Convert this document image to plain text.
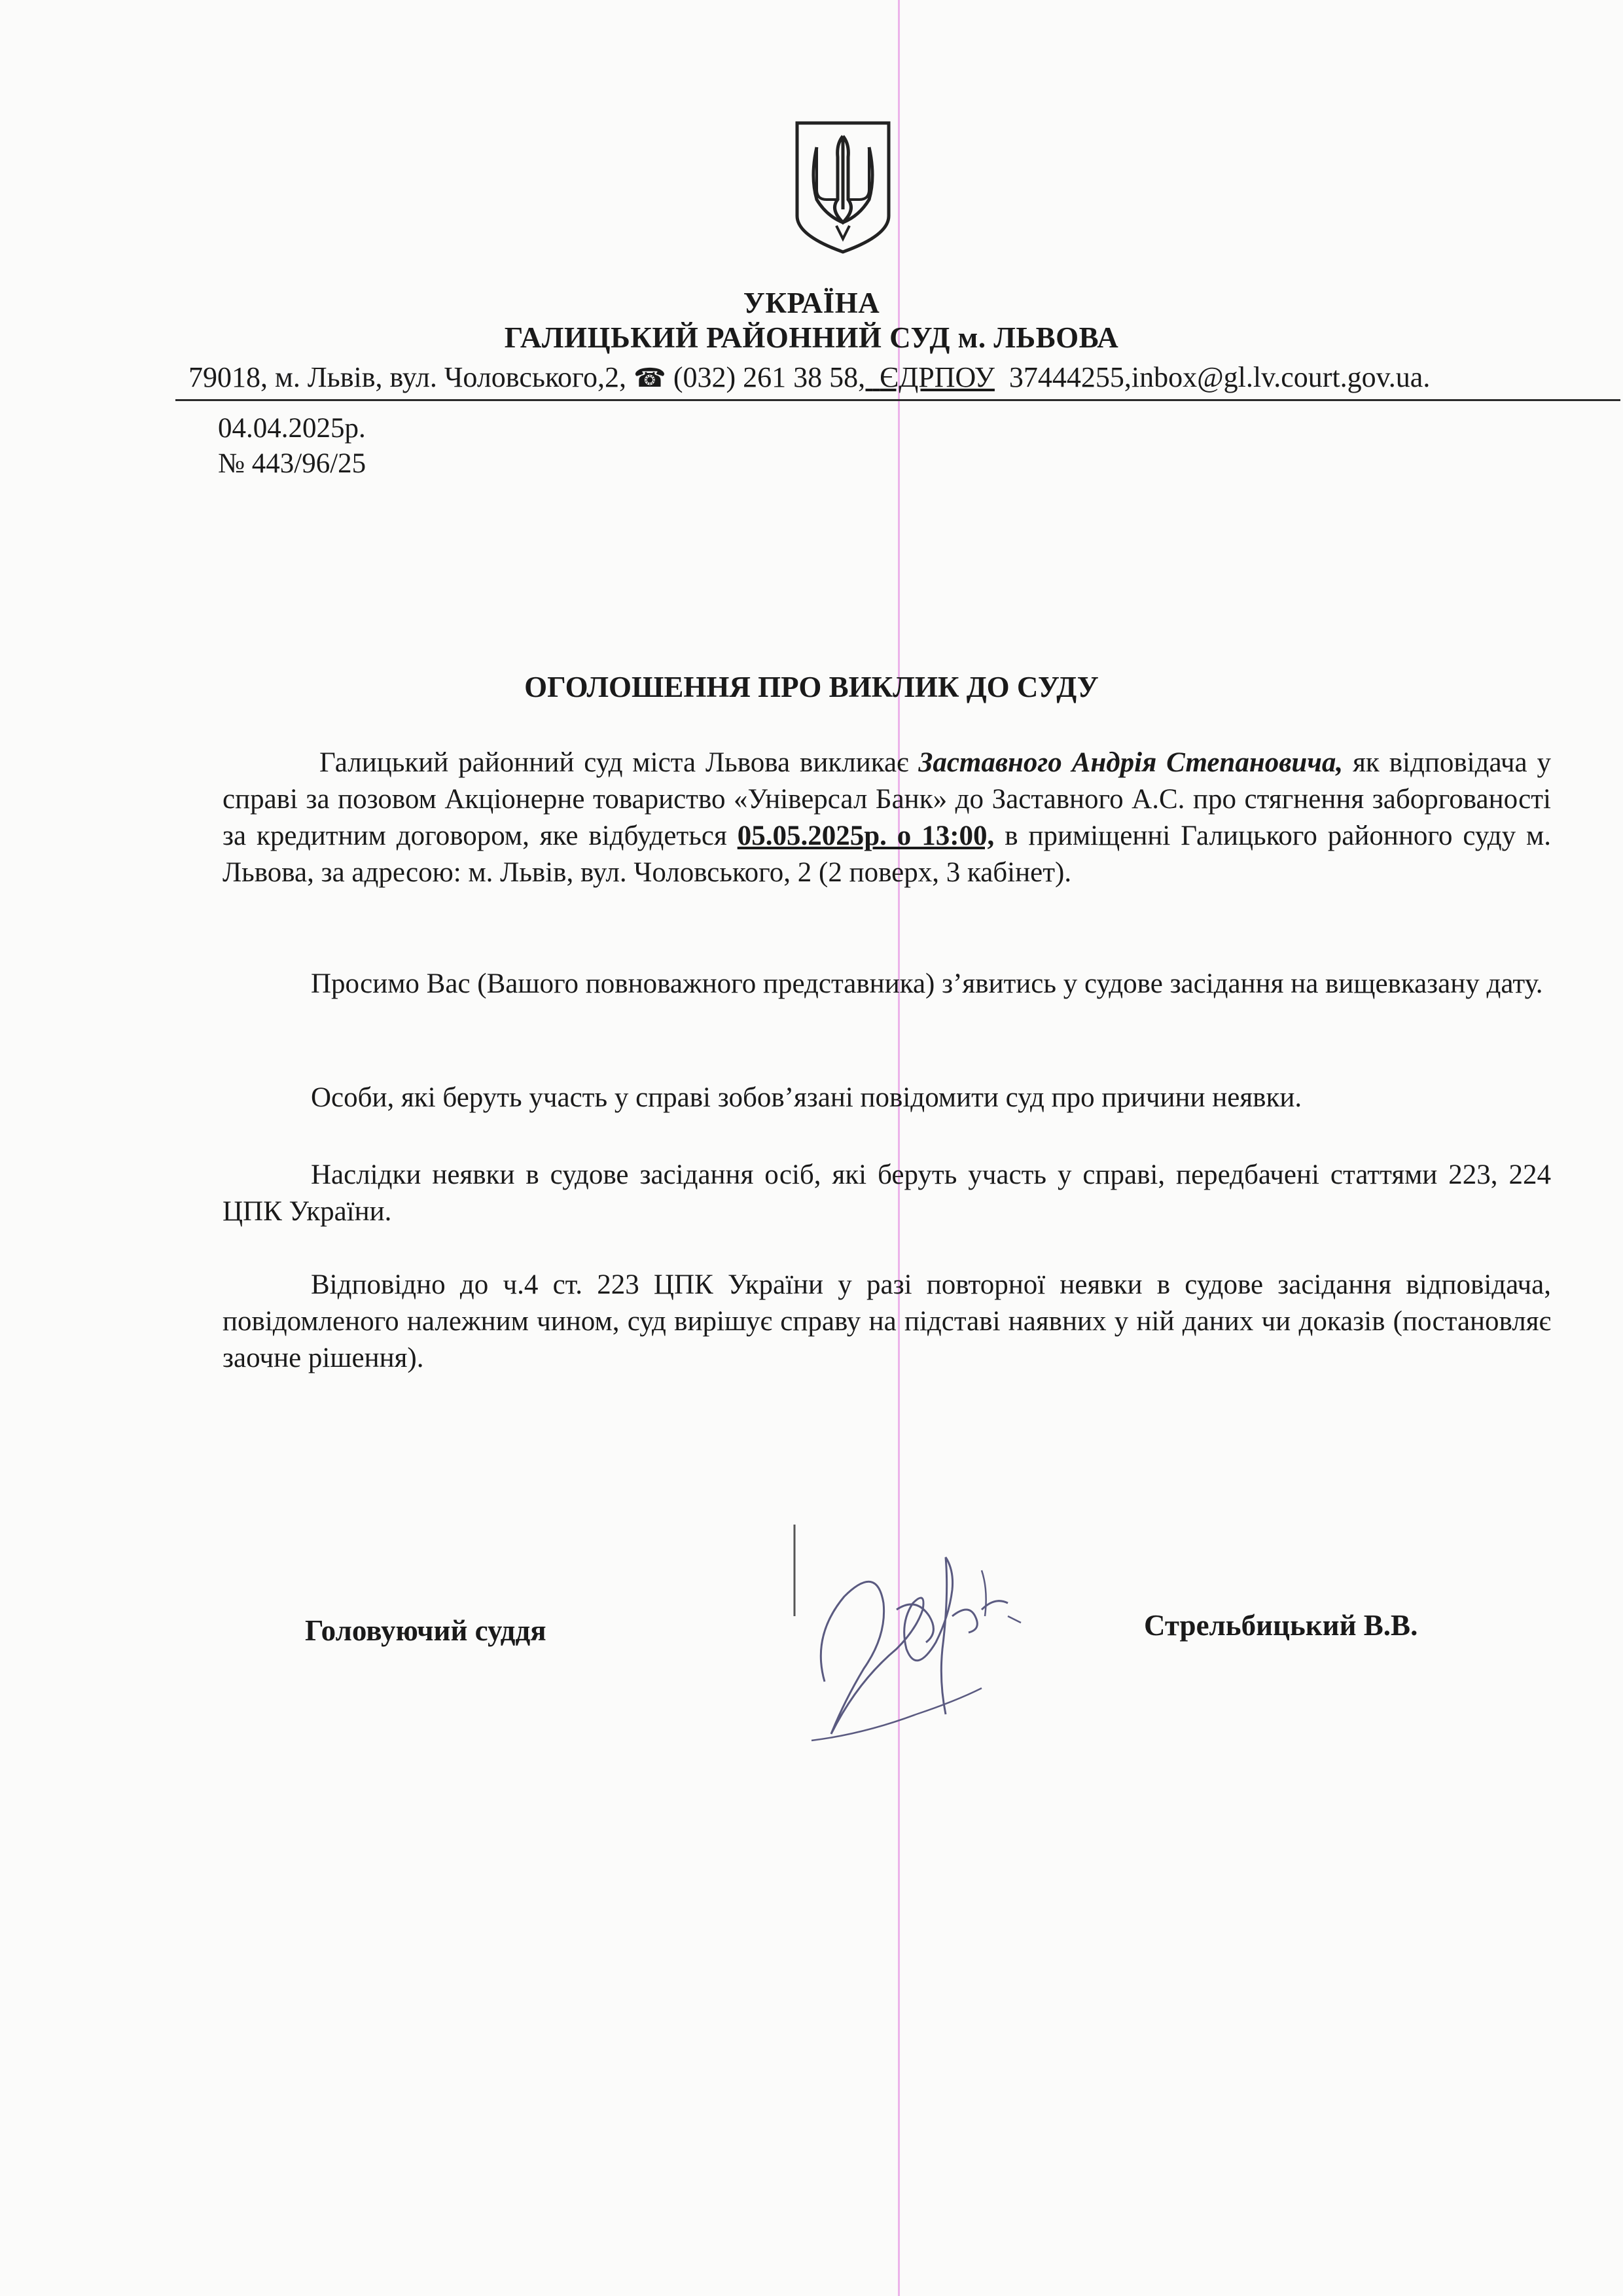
УКРАЇНА
ГАЛИЦЬКИЙ РАЙОННИЙ СУД м. ЛЬВОВА
79018, м. Львів, вул. Чоловського,2, ☎ (032) 261 38 58,  ЄДРПОУ  37444255,inbox@gl.lv.court.gov.ua.
04.04.2025р.
№ 443/96/25
ОГОЛОШЕННЯ ПРО ВИКЛИК ДО СУДУ
Галицький районний суд міста Львова викликає Заставного Андрія Степановича, як відповідача у справі за позовом Акціонерне товариство «Універсал Банк» до Заставного А.С. про стягнення заборгованості за кредитним договором, яке відбудеться 05.05.2025р. о 13:00, в приміщенні Галицького районного суду м. Львова, за адресою: м. Львів, вул. Чоловського, 2 (2 поверх, 3 кабінет).
Просимо Вас (Вашого повноважного представника) з’явитись у судове засідання на вищевказану дату.
Особи, які беруть участь у справі зобов’язані повідомити суд про причини неявки.
Наслідки неявки в судове засідання осіб, які беруть участь у справі, передбачені статтями 223, 224 ЦПК України.
Відповідно до ч.4 ст. 223 ЦПК України у разі повторної неявки в судове засідання відповідача, повідомленого належним чином, суд вирішує справу на підставі наявних у ній даних чи доказів (постановляє заочне рішення).
Головуючий суддя	Стрельбицький В.В.
